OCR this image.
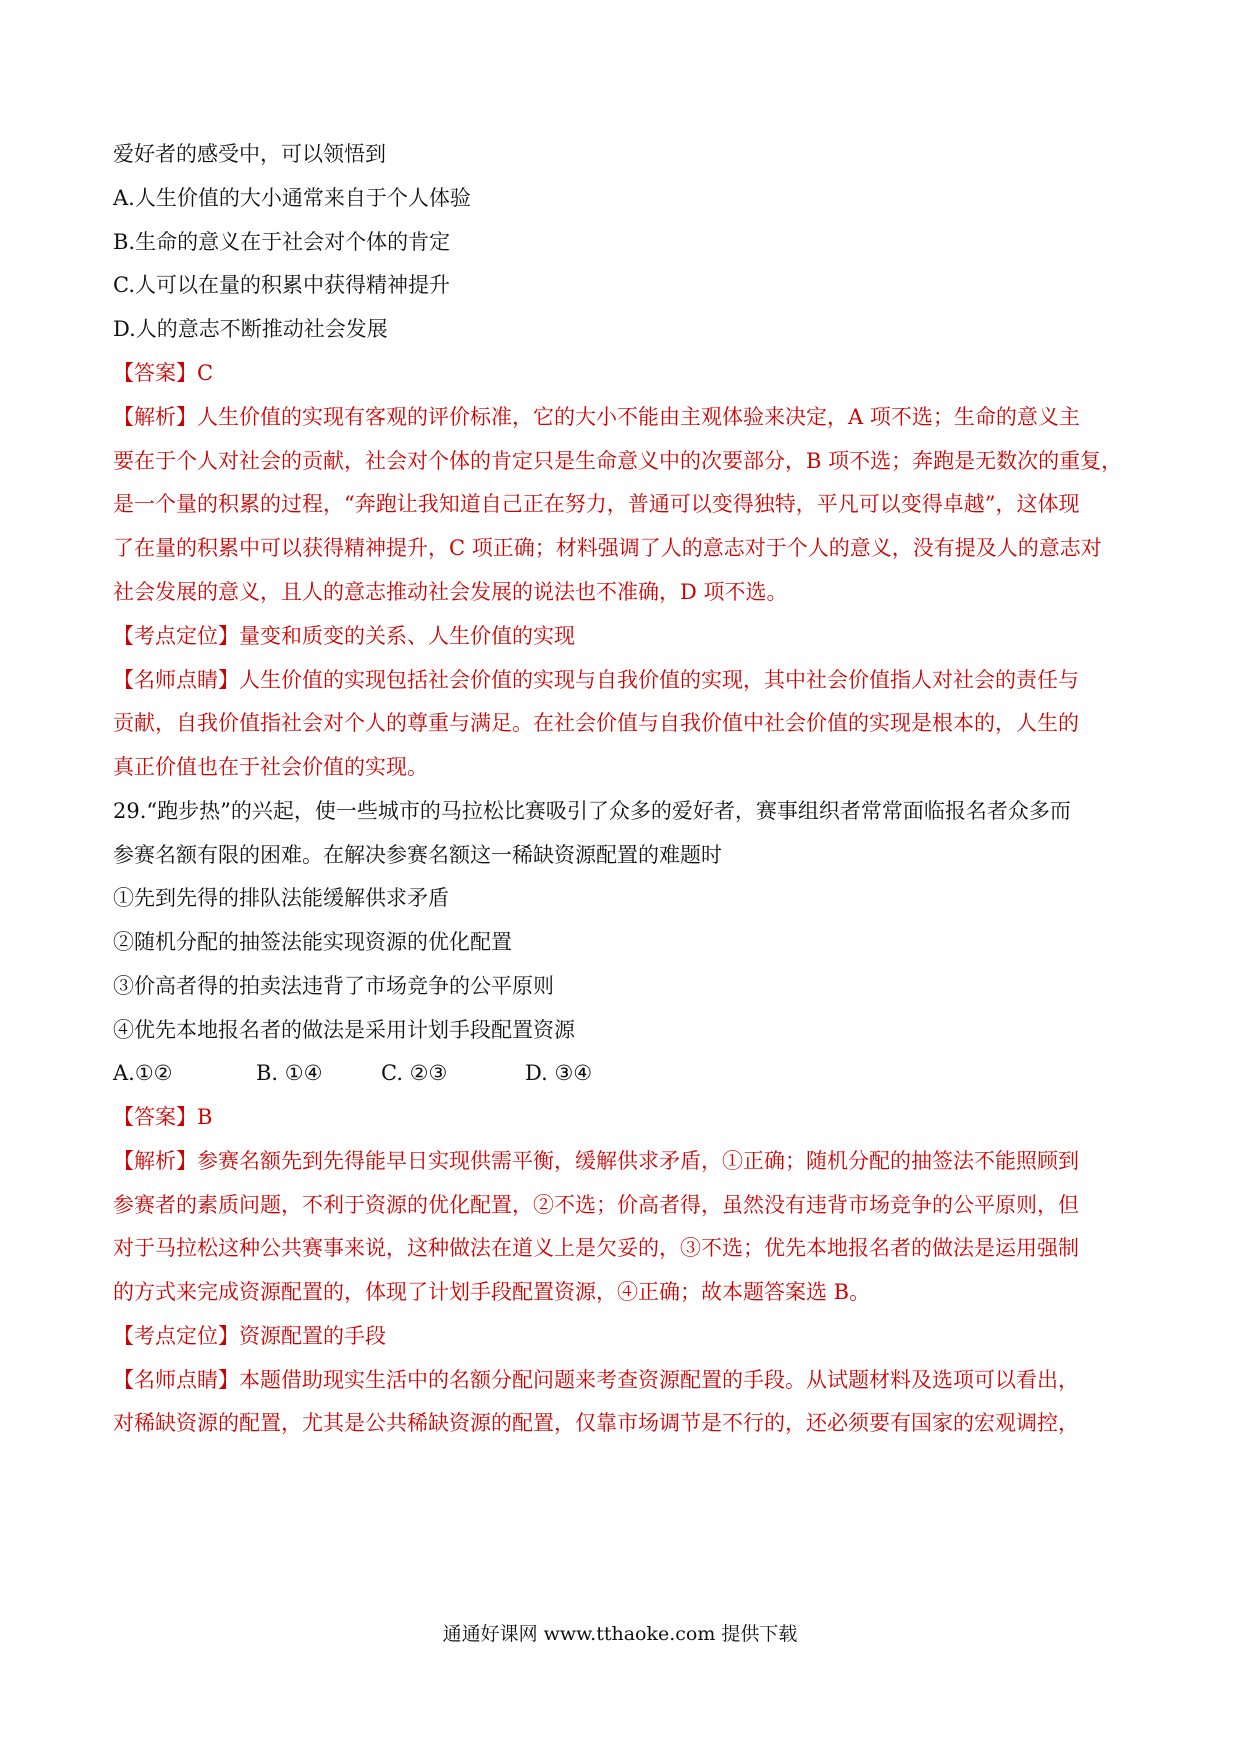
爱好者的感受中，可以领悟到
A.人生价值的大小通常来自于个人体验
B.生命的意义在于社会对个体的肯定
C.人可以在量的积累中获得精神提升
D.人的意志不断推动社会发展
【答案】C
【解析】人生价值的实现有客观的评价标准，它的大小不能由主观体验来决定，A 项不选；生命的意义主
要在于个人对社会的贡献，社会对个体的肯定只是生命意义中的次要部分，B 项不选；奔跑是无数次的重复，
是一个量的积累的过程，“奔跑让我知道自己正在努力，普通可以变得独特，平凡可以变得卓越”，这体现
了在量的积累中可以获得精神提升，C 项正确；材料强调了人的意志对于个人的意义，没有提及人的意志对
社会发展的意义，且人的意志推动社会发展的说法也不准确，D 项不选。
【考点定位】量变和质变的关系、人生价值的实现
【名师点睛】人生价值的实现包括社会价值的实现与自我价值的实现，其中社会价值指人对社会的责任与
贡献，自我价值指社会对个人的尊重与满足。在社会价值与自我价值中社会价值的实现是根本的，人生的
真正价值也在于社会价值的实现。
29.“跑步热”的兴起，使一些城市的马拉松比赛吸引了众多的爱好者，赛事组织者常常面临报名者众多而
参赛名额有限的困难。在解决参赛名额这一稀缺资源配置的难题时
①先到先得的排队法能缓解供求矛盾
②随机分配的抽签法能实现资源的优化配置
③价高者得的拍卖法违背了市场竞争的公平原则
④优先本地报名者的做法是采用计划手段配置资源
A.①②	B. ①④	C. ②③	D. ③④
【答案】B
【解析】参赛名额先到先得能早日实现供需平衡，缓解供求矛盾，①正确；随机分配的抽签法不能照顾到
参赛者的素质问题，不利于资源的优化配置，②不选；价高者得，虽然没有违背市场竞争的公平原则，但
对于马拉松这种公共赛事来说，这种做法在道义上是欠妥的，③不选；优先本地报名者的做法是运用强制
的方式来完成资源配置的，体现了计划手段配置资源，④正确；故本题答案选 B。
【考点定位】资源配置的手段
【名师点睛】本题借助现实生活中的名额分配问题来考查资源配置的手段。从试题材料及选项可以看出，
对稀缺资源的配置，尤其是公共稀缺资源的配置，仅靠市场调节是不行的，还必须要有国家的宏观调控，
通通好课网 www.tthaoke.com 提供下载
